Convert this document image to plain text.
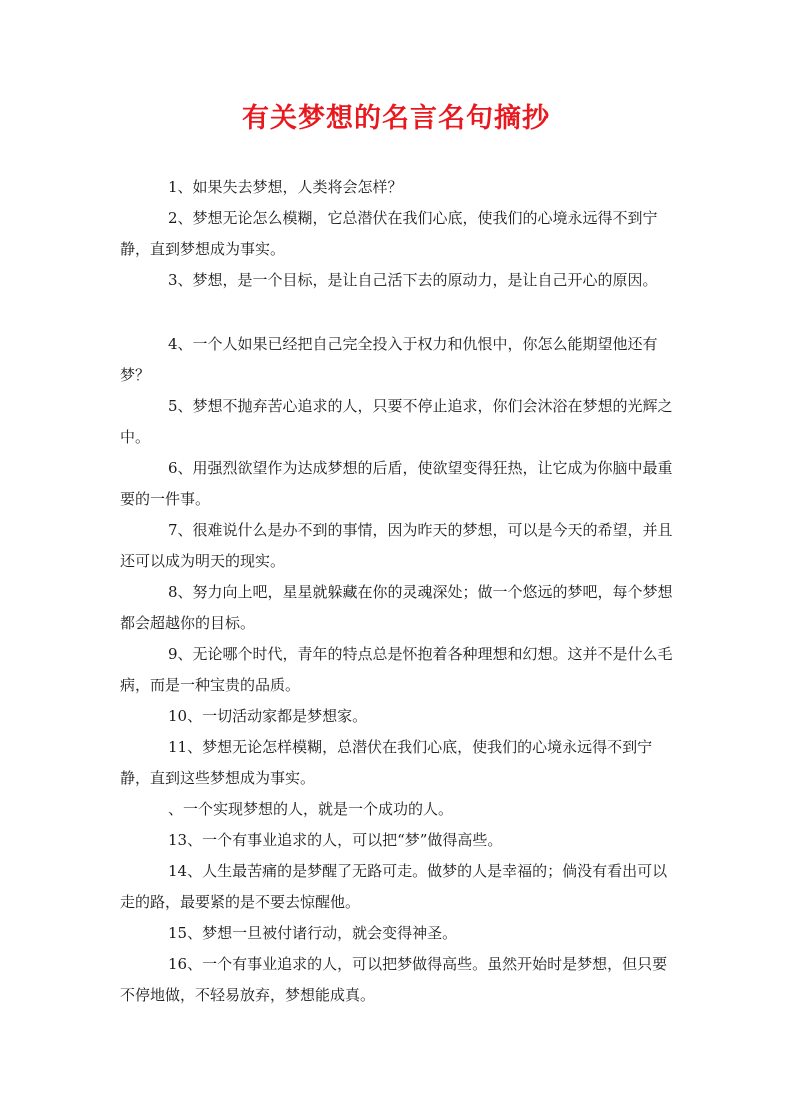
有关梦想的名言名句摘抄

1、如果失去梦想，人类将会怎样？

2、梦想无论怎么模糊，它总潜伏在我们心底，使我们的心境永远得不到宁静，直到梦想成为事实。

3、梦想，是一个目标，是让自己活下去的原动力，是让自己开心的原因。

4、一个人如果已经把自己完全投入于权力和仇恨中，你怎么能期望他还有梦？

5、梦想不抛弃苦心追求的人，只要不停止追求，你们会沐浴在梦想的光辉之中。

6、用强烈欲望作为达成梦想的后盾，使欲望变得狂热，让它成为你脑中最重要的一件事。

7、很难说什么是办不到的事情，因为昨天的梦想，可以是今天的希望，并且还可以成为明天的现实。

8、努力向上吧，星星就躲藏在你的灵魂深处；做一个悠远的梦吧，每个梦想都会超越你的目标。

9、无论哪个时代，青年的特点总是怀抱着各种理想和幻想。这并不是什么毛病，而是一种宝贵的品质。

10、一切活动家都是梦想家。

11、梦想无论怎样模糊，总潜伏在我们心底，使我们的心境永远得不到宁静，直到这些梦想成为事实。

、一个实现梦想的人，就是一个成功的人。

13、一个有事业追求的人，可以把“梦”做得高些。

14、人生最苦痛的是梦醒了无路可走。做梦的人是幸福的；倘没有看出可以走的路，最要紧的是不要去惊醒他。

15、梦想一旦被付诸行动，就会变得神圣。

16、一个有事业追求的人，可以把梦做得高些。虽然开始时是梦想，但只要不停地做，不轻易放弃，梦想能成真。
